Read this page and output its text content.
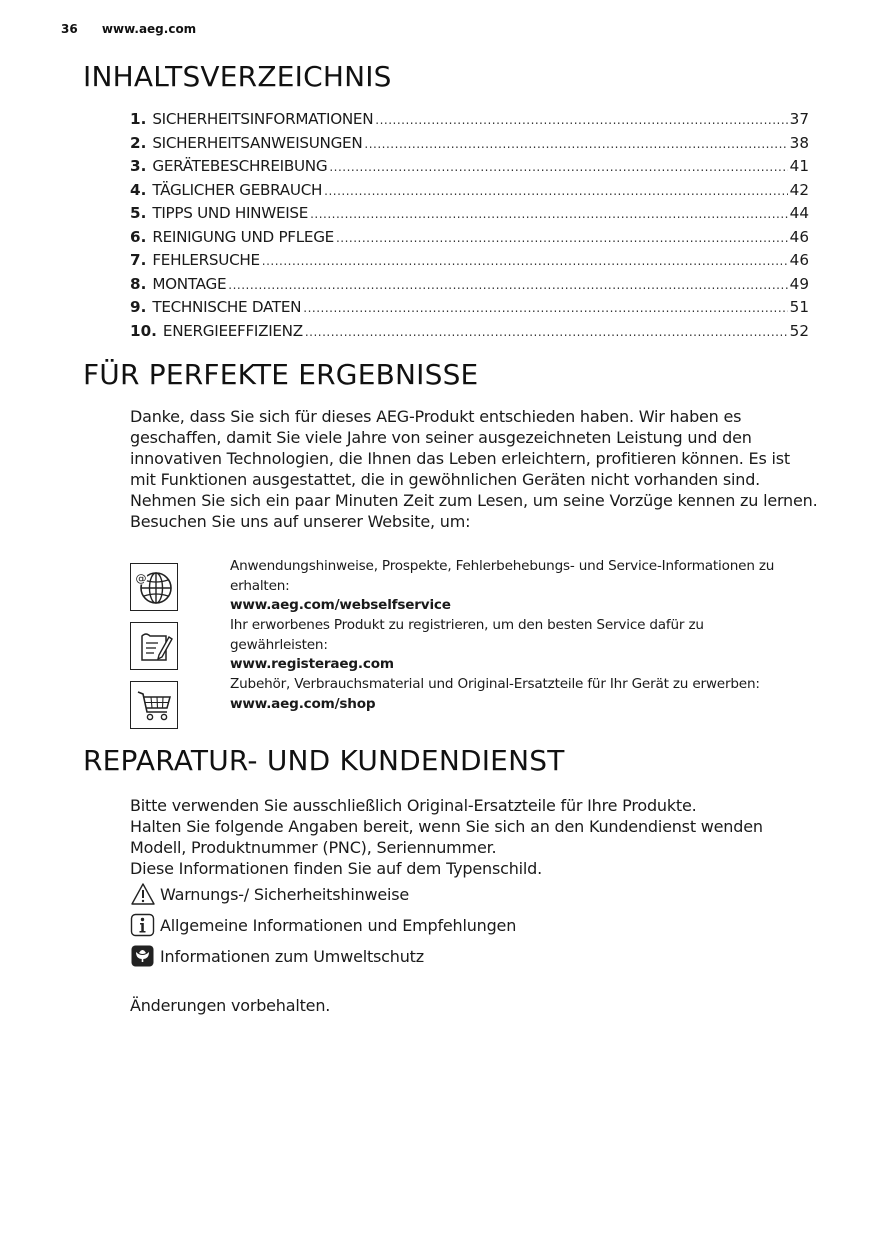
36 www.aeg.com
INHALTSVERZEICHNIS
1. SICHERHEITSINFORMATIONEN .....	37
2. SICHERHEITSANWEISUNGEN .....	38
3. GERÄTEBESCHREIBUNG .....	41
4. TÄGLICHER GEBRAUCH .....	42
5. TIPPS UND HINWEISE .....	44
6. REINIGUNG UND PFLEGE .....	46
7. FEHLERSUCHE .....	46
8. MONTAGE .....	49
9. TECHNISCHE DATEN .....	51
10. ENERGIEEFFIZIENZ .....	52
FÜR PERFEKTE ERGEBNISSE
Danke, dass Sie sich für dieses AEG-Produkt entschieden haben. Wir haben es geschaffen, damit Sie viele Jahre von seiner ausgezeichneten Leistung und den innovativen Technologien, die Ihnen das Leben erleichtern, profitieren können. Es ist mit Funktionen ausgestattet, die in gewöhnlichen Geräten nicht vorhanden sind. Nehmen Sie sich ein paar Minuten Zeit zum Lesen, um seine Vorzüge kennen zu lernen.
Besuchen Sie uns auf unserer Website, um:
@
Anwendungshinweise, Prospekte, Fehlerbehebungs- und Service-Informationen zu erhalten:
www.aeg.com/webselfservice
Ihr erworbenes Produkt zu registrieren, um den besten Service dafür zu gewährleisten:
www.registeraeg.com
Zubehör, Verbrauchsmaterial und Original-Ersatzteile für Ihr Gerät zu erwerben:
www.aeg.com/shop
REPARATUR- UND KUNDENDIENST
Bitte verwenden Sie ausschließlich Original-Ersatzteile für Ihre Produkte.
Halten Sie folgende Angaben bereit, wenn Sie sich an den Kundendienst wenden Modell, Produktnummer (PNC), Seriennummer.
Diese Informationen finden Sie auf dem Typenschild.
Warnungs-/ Sicherheitshinweise
Allgemeine Informationen und Empfehlungen
Informationen zum Umweltschutz
Änderungen vorbehalten.
